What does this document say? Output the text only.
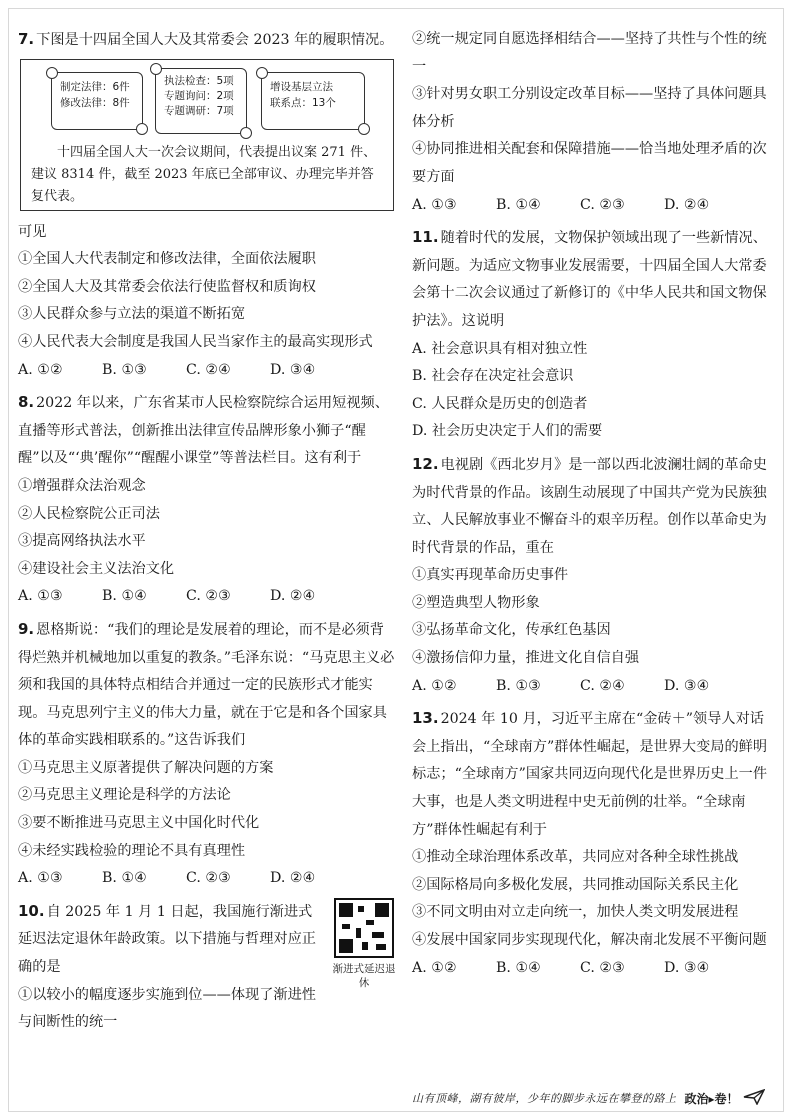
7. 下图是十四届全国人大及其常委会 2023 年的履职情况。

制定法律：6件
修改法律：8件
执法检查：5项
专题询问：2项
专题调研：7项
增设基层立法
联系点：13个
十四届全国人大一次会议期间，代表提出议案 271 件、建议 8314 件，截至 2023 年底已全部审议、办理完毕并答复代表。

可见

①全国人大代表制定和修改法律，全面依法履职

②全国人大及其常委会依法行使监督权和质询权

③人民群众参与立法的渠道不断拓宽

④人民代表大会制度是我国人民当家作主的最高实现形式

A. ①②	B. ①③	C. ②④	D. ③④

8. 2022 年以来，广东省某市人民检察院综合运用短视频、直播等形式普法，创新推出法律宣传品牌形象小狮子“醒醒”以及“‘典’醒你”“醒醒小课堂”等普法栏目。这有利于

①增强群众法治观念

②人民检察院公正司法

③提高网络执法水平

④建设社会主义法治文化

A. ①③	B. ①④	C. ②③	D. ②④

9. 恩格斯说：“我们的理论是发展着的理论，而不是必须背得烂熟并机械地加以重复的教条。”毛泽东说：“马克思主义必须和我国的具体特点相结合并通过一定的民族形式才能实现。马克思列宁主义的伟大力量，就在于它是和各个国家具体的革命实践相联系的。”这告诉我们

①马克思主义原著提供了解决问题的方案

②马克思主义理论是科学的方法论

③要不断推进马克思主义中国化时代化

④未经实践检验的理论不具有真理性

A. ①③	B. ①④	C. ②③	D. ②④
渐进式延迟退休

10. 自 2025 年 1 月 1 日起，我国施行渐进式延迟法定退休年龄政策。以下措施与哲理对应正确的是

①以较小的幅度逐步实施到位——体现了渐进性与间断性的统一

②统一规定同自愿选择相结合——坚持了共性与个性的统一

③针对男女职工分别设定改革目标——坚持了具体问题具体分析

④协同推进相关配套和保障措施——恰当地处理矛盾的次要方面

A. ①③	B. ①④	C. ②③	D. ②④

11. 随着时代的发展，文物保护领域出现了一些新情况、新问题。为适应文物事业发展需要，十四届全国人大常委会第十二次会议通过了新修订的《中华人民共和国文物保护法》。这说明

A. 社会意识具有相对独立性

B. 社会存在决定社会意识

C. 人民群众是历史的创造者

D. 社会历史决定于人们的需要

12. 电视剧《西北岁月》是一部以西北波澜壮阔的革命史为时代背景的作品。该剧生动展现了中国共产党为民族独立、人民解放事业不懈奋斗的艰辛历程。创作以革命史为时代背景的作品，重在

①真实再现革命历史事件

②塑造典型人物形象

③弘扬革命文化，传承红色基因

④激扬信仰力量，推进文化自信自强

A. ①②	B. ①③	C. ②④	D. ③④

13. 2024 年 10 月，习近平主席在“金砖＋”领导人对话会上指出，“全球南方”群体性崛起，是世界大变局的鲜明标志；“全球南方”国家共同迈向现代化是世界历史上一件大事，也是人类文明进程中史无前例的壮举。“全球南方”群体性崛起有利于

①推动全球治理体系改革，共同应对各种全球性挑战

②国际格局向多极化发展，共同推动国际关系民主化

③不同文明由对立走向统一，加快人类文明发展进程

④发展中国家同步实现现代化，解决南北发展不平衡问题

A. ①②	B. ①④	C. ②③	D. ③④
山有顶峰，湖有彼岸，少年的脚步永远在攀登的路上 政治▸卷！
